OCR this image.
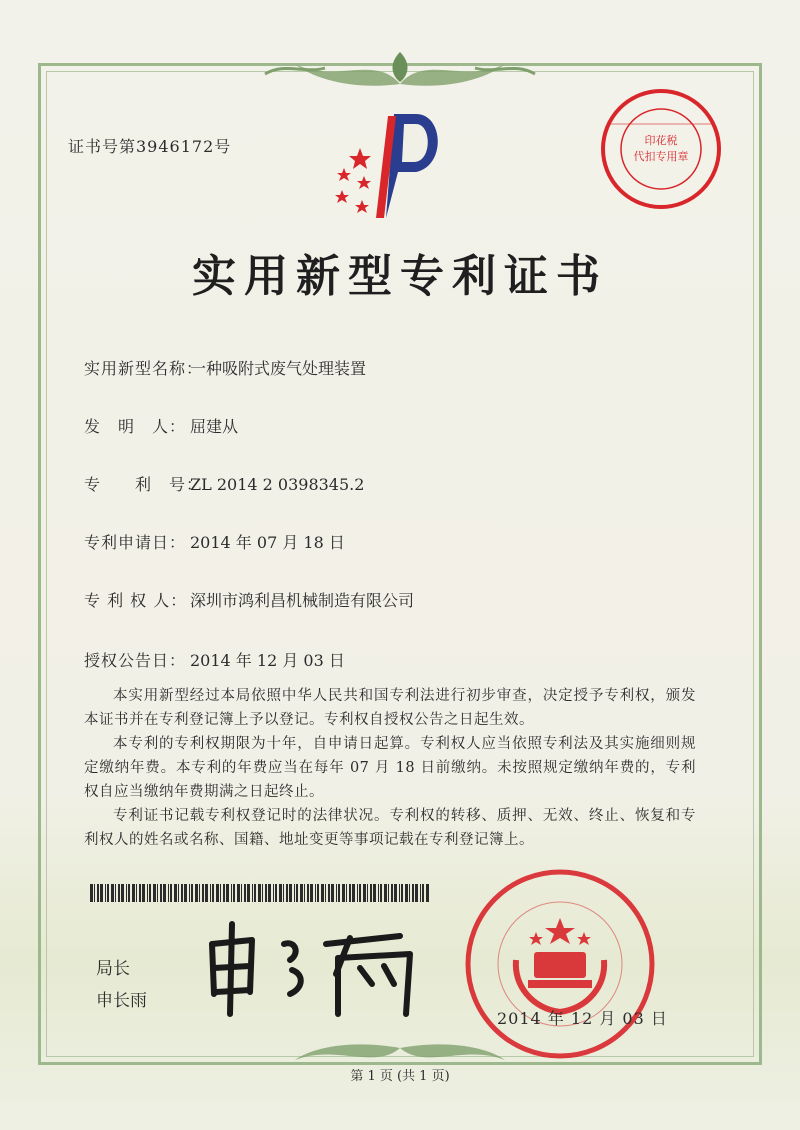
证书号第3946172号	印花税
代扣专用章
实用新型专利证书
实用新型名称：一种吸附式废气处理装置
发　明　人： 屈建从
专　　利　号：ZL 2014 2 0398345.2
专利申请日： 2014 年 07 月 18 日
专 利 权 人： 深圳市鸿利昌机械制造有限公司
授权公告日： 2014 年 12 月 03 日
本实用新型经过本局依照中华人民共和国专利法进行初步审查，决定授予专利权，颁发本证书并在专利登记簿上予以登记。专利权自授权公告之日起生效。
本专利的专利权期限为十年，自申请日起算。专利权人应当依照专利法及其实施细则规定缴纳年费。本专利的年费应当在每年 07 月 18 日前缴纳。未按照规定缴纳年费的，专利权自应当缴纳年费期满之日起终止。
专利证书记载专利权登记时的法律状况。专利权的转移、质押、无效、终止、恢复和专利权人的姓名或名称、国籍、地址变更等事项记载在专利登记簿上。
局长
申长雨
2014 年 12 月 03 日
第 1 页 (共 1 页)
